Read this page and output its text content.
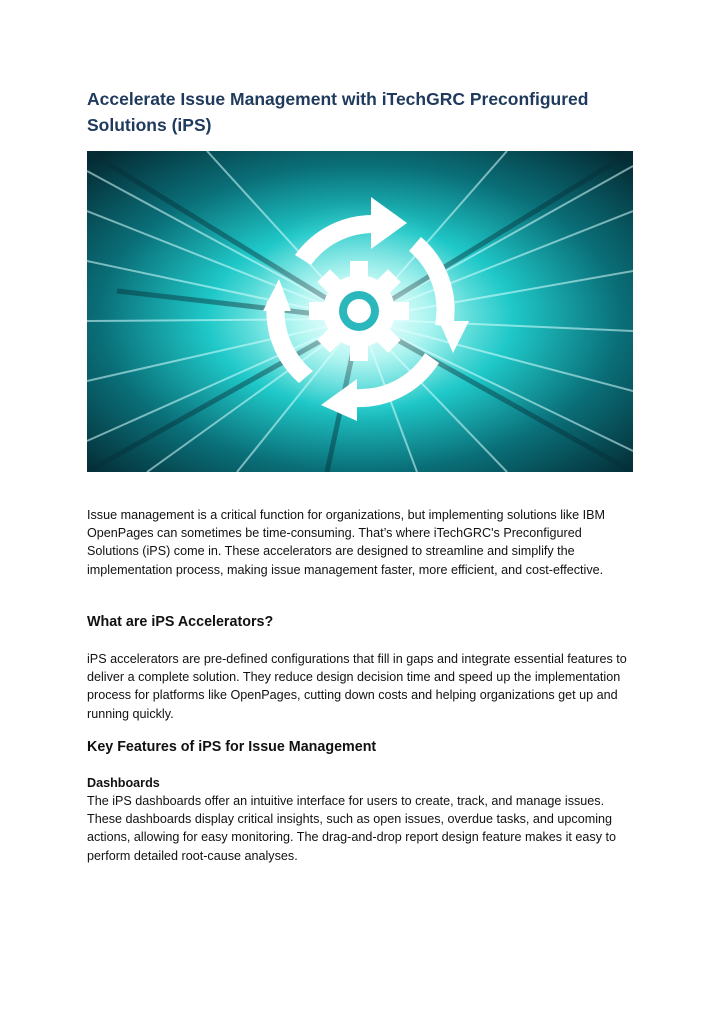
Accelerate Issue Management with iTechGRC Preconfigured Solutions (iPS)

Issue management is a critical function for organizations, but implementing solutions like IBM OpenPages can sometimes be time-consuming. That’s where iTechGRC's Preconfigured Solutions (iPS) come in. These accelerators are designed to streamline and simplify the implementation process, making issue management faster, more efficient, and cost-effective.

What are iPS Accelerators?

iPS accelerators are pre-defined configurations that fill in gaps and integrate essential features to deliver a complete solution. They reduce design decision time and speed up the implementation process for platforms like OpenPages, cutting down costs and helping organizations get up and running quickly.

Key Features of iPS for Issue Management
Dashboards

The iPS dashboards offer an intuitive interface for users to create, track, and manage issues. These dashboards display critical insights, such as open issues, overdue tasks, and upcoming actions, allowing for easy monitoring. The drag-and-drop report design feature makes it easy to perform detailed root-cause analyses.
